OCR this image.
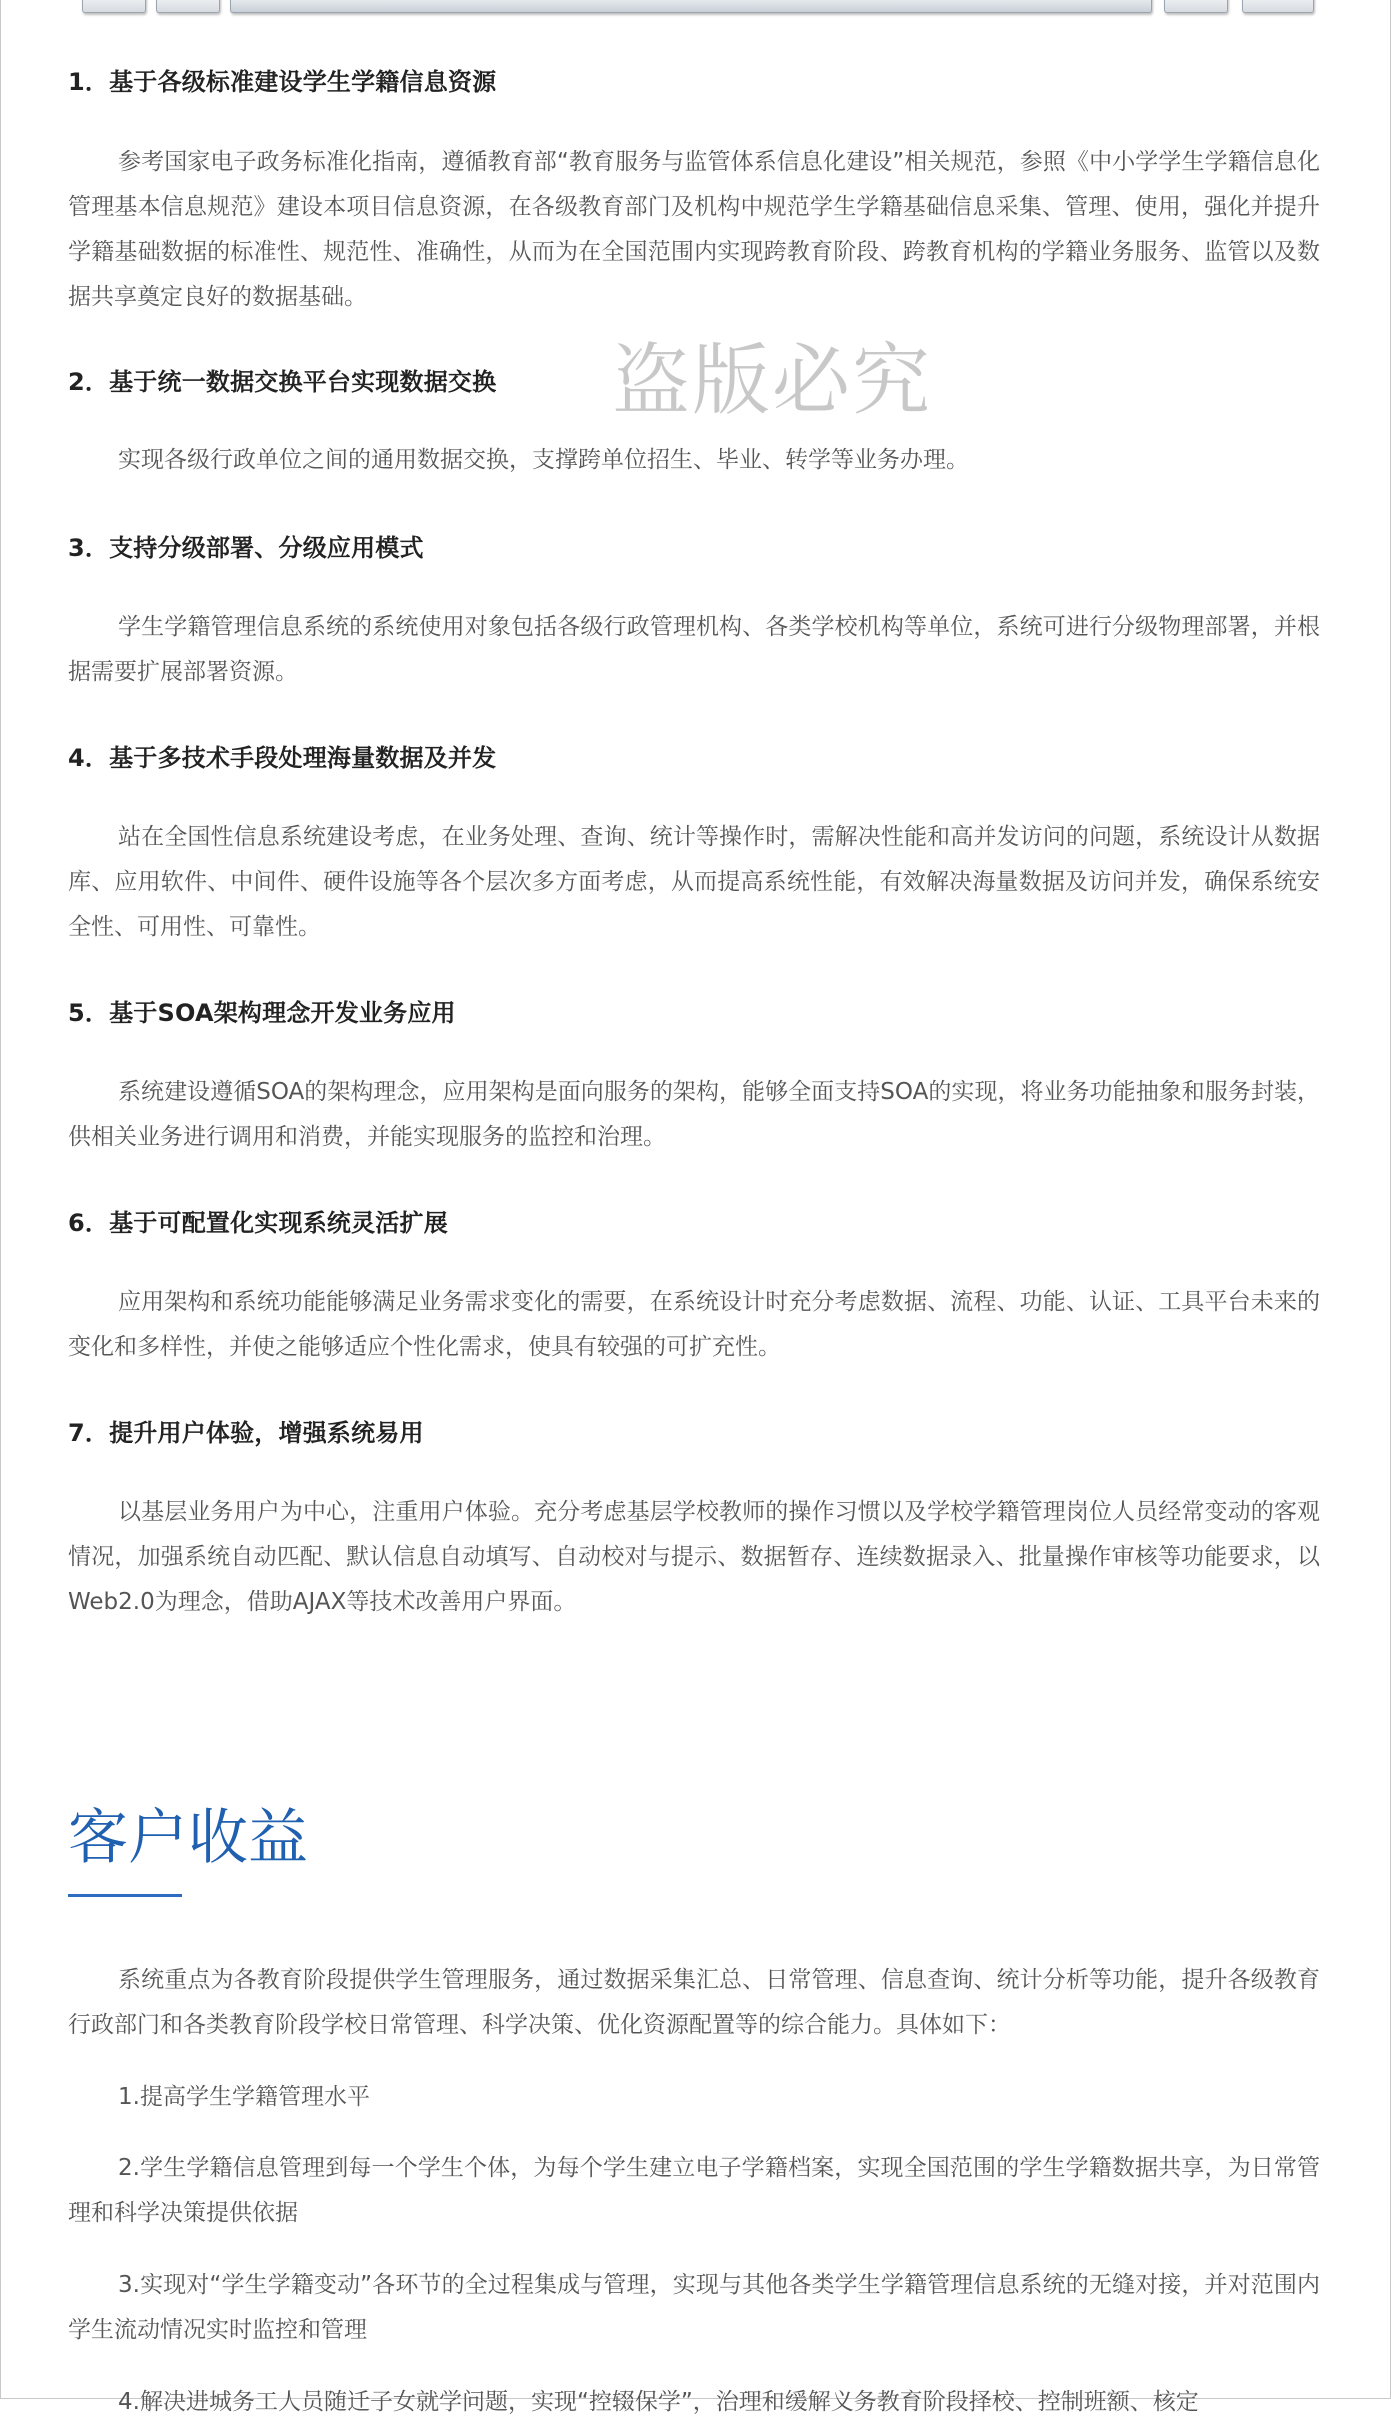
1．基于各级标准建设学生学籍信息资源

参考国家电子政务标准化指南，遵循教育部“教育服务与监管体系信息化建设”相关规范，参照《中小学学生学籍信息化管理基本信息规范》建设本项目信息资源，在各级教育部门及机构中规范学生学籍基础信息采集、管理、使用，强化并提升学籍基础数据的标准性、规范性、准确性，从而为在全国范围内实现跨教育阶段、跨教育机构的学籍业务服务、监管以及数据共享奠定良好的数据基础。

2．基于统一数据交换平台实现数据交换

实现各级行政单位之间的通用数据交换，支撑跨单位招生、毕业、转学等业务办理。

3．支持分级部署、分级应用模式

学生学籍管理信息系统的系统使用对象包括各级行政管理机构、各类学校机构等单位，系统可进行分级物理部署，并根据需要扩展部署资源。

4．基于多技术手段处理海量数据及并发

站在全国性信息系统建设考虑，在业务处理、查询、统计等操作时，需解决性能和高并发访问的问题，系统设计从数据库、应用软件、中间件、硬件设施等各个层次多方面考虑，从而提高系统性能，有效解决海量数据及访问并发，确保系统安全性、可用性、可靠性。

5．基于SOA架构理念开发业务应用

系统建设遵循SOA的架构理念，应用架构是面向服务的架构，能够全面支持SOA的实现，将业务功能抽象和服务封装，供相关业务进行调用和消费，并能实现服务的监控和治理。

6．基于可配置化实现系统灵活扩展

应用架构和系统功能能够满足业务需求变化的需要，在系统设计时充分考虑数据、流程、功能、认证、工具平台未来的变化和多样性，并使之能够适应个性化需求，使具有较强的可扩充性。

7．提升用户体验，增强系统易用

以基层业务用户为中心，注重用户体验。充分考虑基层学校教师的操作习惯以及学校学籍管理岗位人员经常变动的客观情况，加强系统自动匹配、默认信息自动填写、自动校对与提示、数据暂存、连续数据录入、批量操作审核等功能要求，以Web2.0为理念，借助AJAX等技术改善用户界面。

系统重点为各教育阶段提供学生管理服务，通过数据采集汇总、日常管理、信息查询、统计分析等功能，提升各级教育行政部门和各类教育阶段学校日常管理、科学决策、优化资源配置等的综合能力。具体如下：

1.提高学生学籍管理水平

2.学生学籍信息管理到每一个学生个体，为每个学生建立电子学籍档案，实现全国范围的学生学籍数据共享，为日常管理和科学决策提供依据

3.实现对“学生学籍变动”各环节的全过程集成与管理，实现与其他各类学生学籍管理信息系统的无缝对接，并对范围内学生流动情况实时监控和管理

4.解决进城务工人员随迁子女就学问题，实现“控辍保学”，治理和缓解义务教育阶段择校、控制班额、核定

盗版必究
客户收益
